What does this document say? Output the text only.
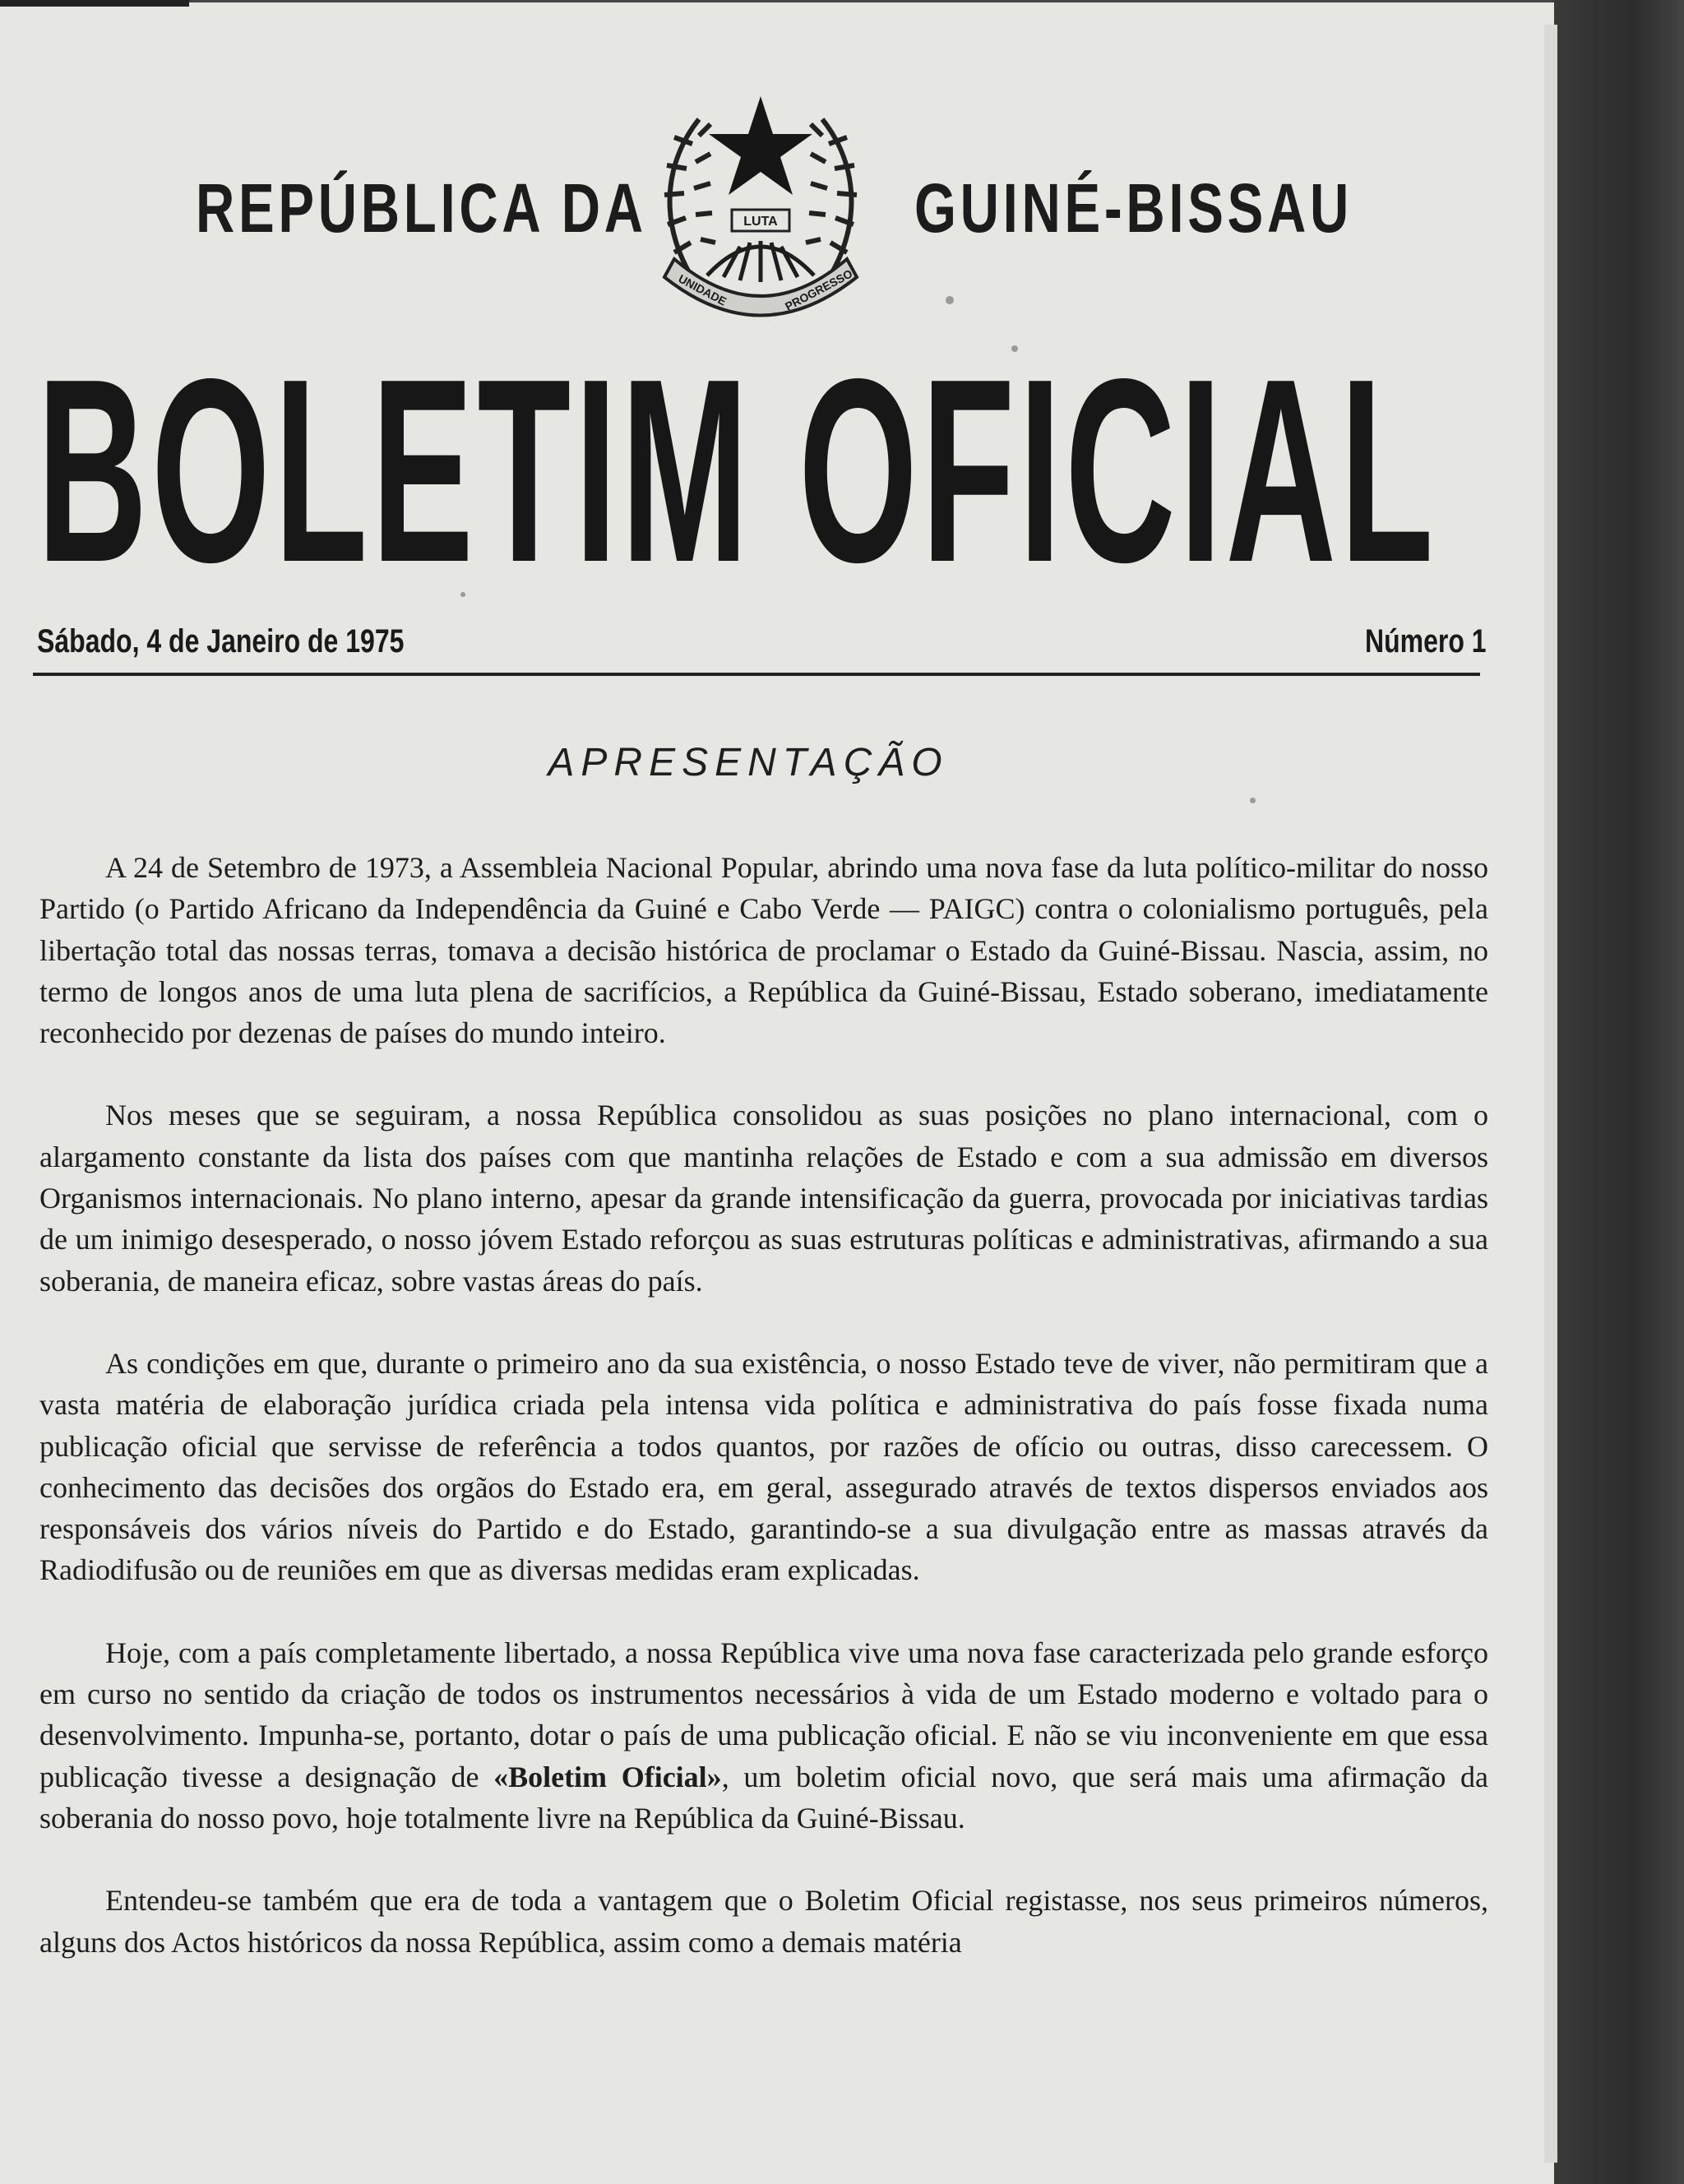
REPÚBLICA DA	GUINÉ-BISSAU
LUTA
UNIDADE	PROGRESSO
BOLETIM OFICIAL
Sábado, 4 de Janeiro de 1975	Número 1
APRESENTAÇÃO

A 24 de Setembro de 1973, a Assembleia Nacional Popular, abrindo uma nova fase da luta político-militar do nosso Partido (o Partido Africano da Independência da Guiné e Cabo Verde — PAIGC) contra o colonialismo português, pela libertação total das nossas terras, tomava a decisão histórica de proclamar o Estado da Guiné-Bissau. Nascia, assim, no termo de longos anos de uma luta plena de sacrifícios, a República da Guiné-Bissau, Estado soberano, imediatamente reconhecido por dezenas de países do mundo inteiro.

Nos meses que se seguiram, a nossa República consolidou as suas posições no plano internacional, com o alargamento constante da lista dos países com que mantinha relações de Estado e com a sua admissão em diversos Organismos internacionais. No plano interno, apesar da grande intensificação da guerra, provocada por iniciativas tardias de um inimigo desesperado, o nosso jóvem Estado reforçou as suas estruturas políticas e administrativas, afirmando a sua soberania, de maneira eficaz, sobre vastas áreas do país.

As condições em que, durante o primeiro ano da sua existência, o nosso Estado teve de viver, não permitiram que a vasta matéria de elaboração jurídica criada pela intensa vida política e administrativa do país fosse fixada numa publicação oficial que servisse de referência a todos quantos, por razões de ofício ou outras, disso carecessem. O conhecimento das decisões dos orgãos do Estado era, em geral, assegurado através de textos dispersos enviados aos responsáveis dos vários níveis do Partido e do Estado, garantindo-se a sua divulgação entre as massas através da Radiodifusão ou de reuniões em que as diversas medidas eram explicadas.

Hoje, com a país completamente libertado, a nossa República vive uma nova fase caracterizada pelo grande esforço em curso no sentido da criação de todos os instrumentos necessários à vida de um Estado moderno e voltado para o desenvolvimento. Impunha-se, portanto, dotar o país de uma publicação oficial. E não se viu inconveniente em que essa publicação tivesse a designação de «Boletim Oficial», um boletim oficial novo, que será mais uma afirmação da soberania do nosso povo, hoje totalmente livre na República da Guiné-Bissau.

Entendeu-se também que era de toda a vantagem que o Boletim Oficial registasse, nos seus primeiros números, alguns dos Actos históricos da nossa República, assim como a demais matéria
